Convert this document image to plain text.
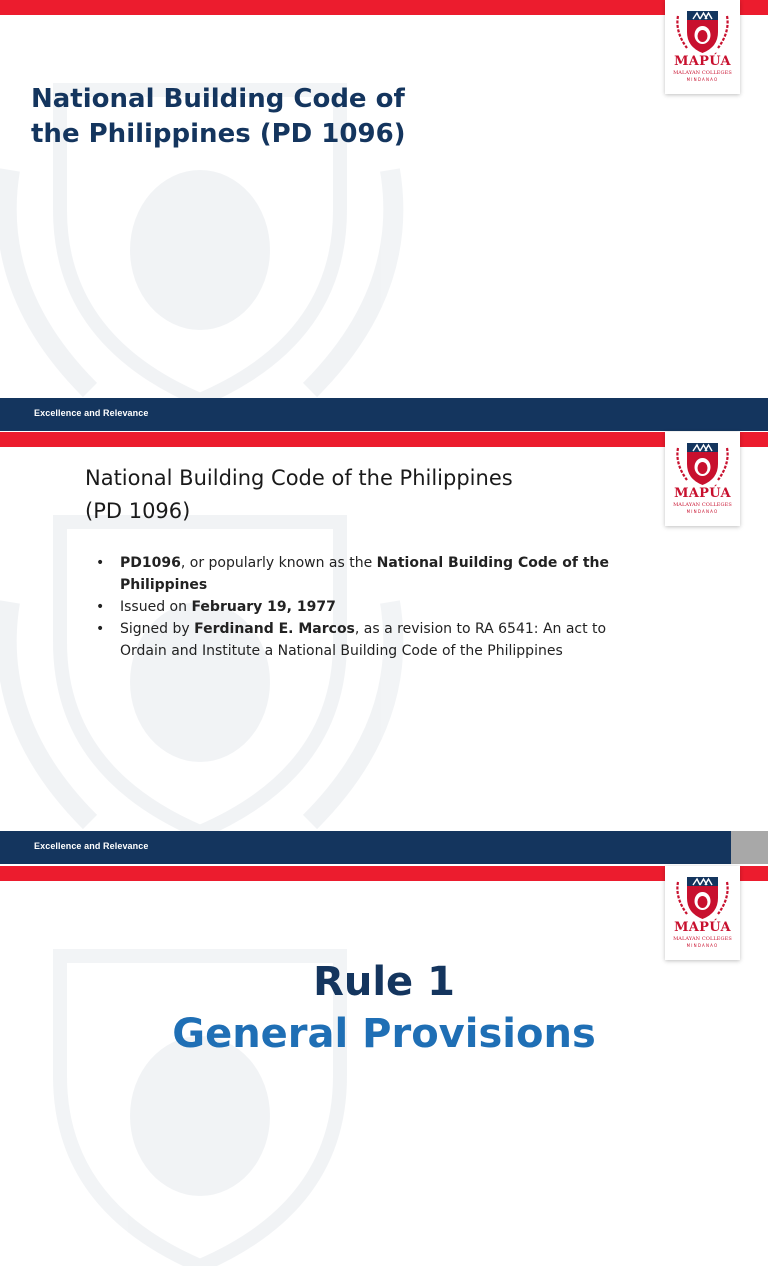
MAPÚA
MALAYAN COLLEGES
MINDANAO
National Building Code of
the Philippines (PD 1096)
Excellence and Relevance
MAPÚA
MALAYAN COLLEGES
MINDANAO
National Building Code of the Philippines
(PD 1096)
• PD1096, or popularly known as the National Building Code of the
Philippines
• Issued on February 19, 1977
• Signed by Ferdinand E. Marcos, as a revision to RA 6541: An act to
Ordain and Institute a National Building Code of the Philippines
Excellence and Relevance
MAPÚA
MALAYAN COLLEGES
MINDANAO
Rule 1
General Provisions
